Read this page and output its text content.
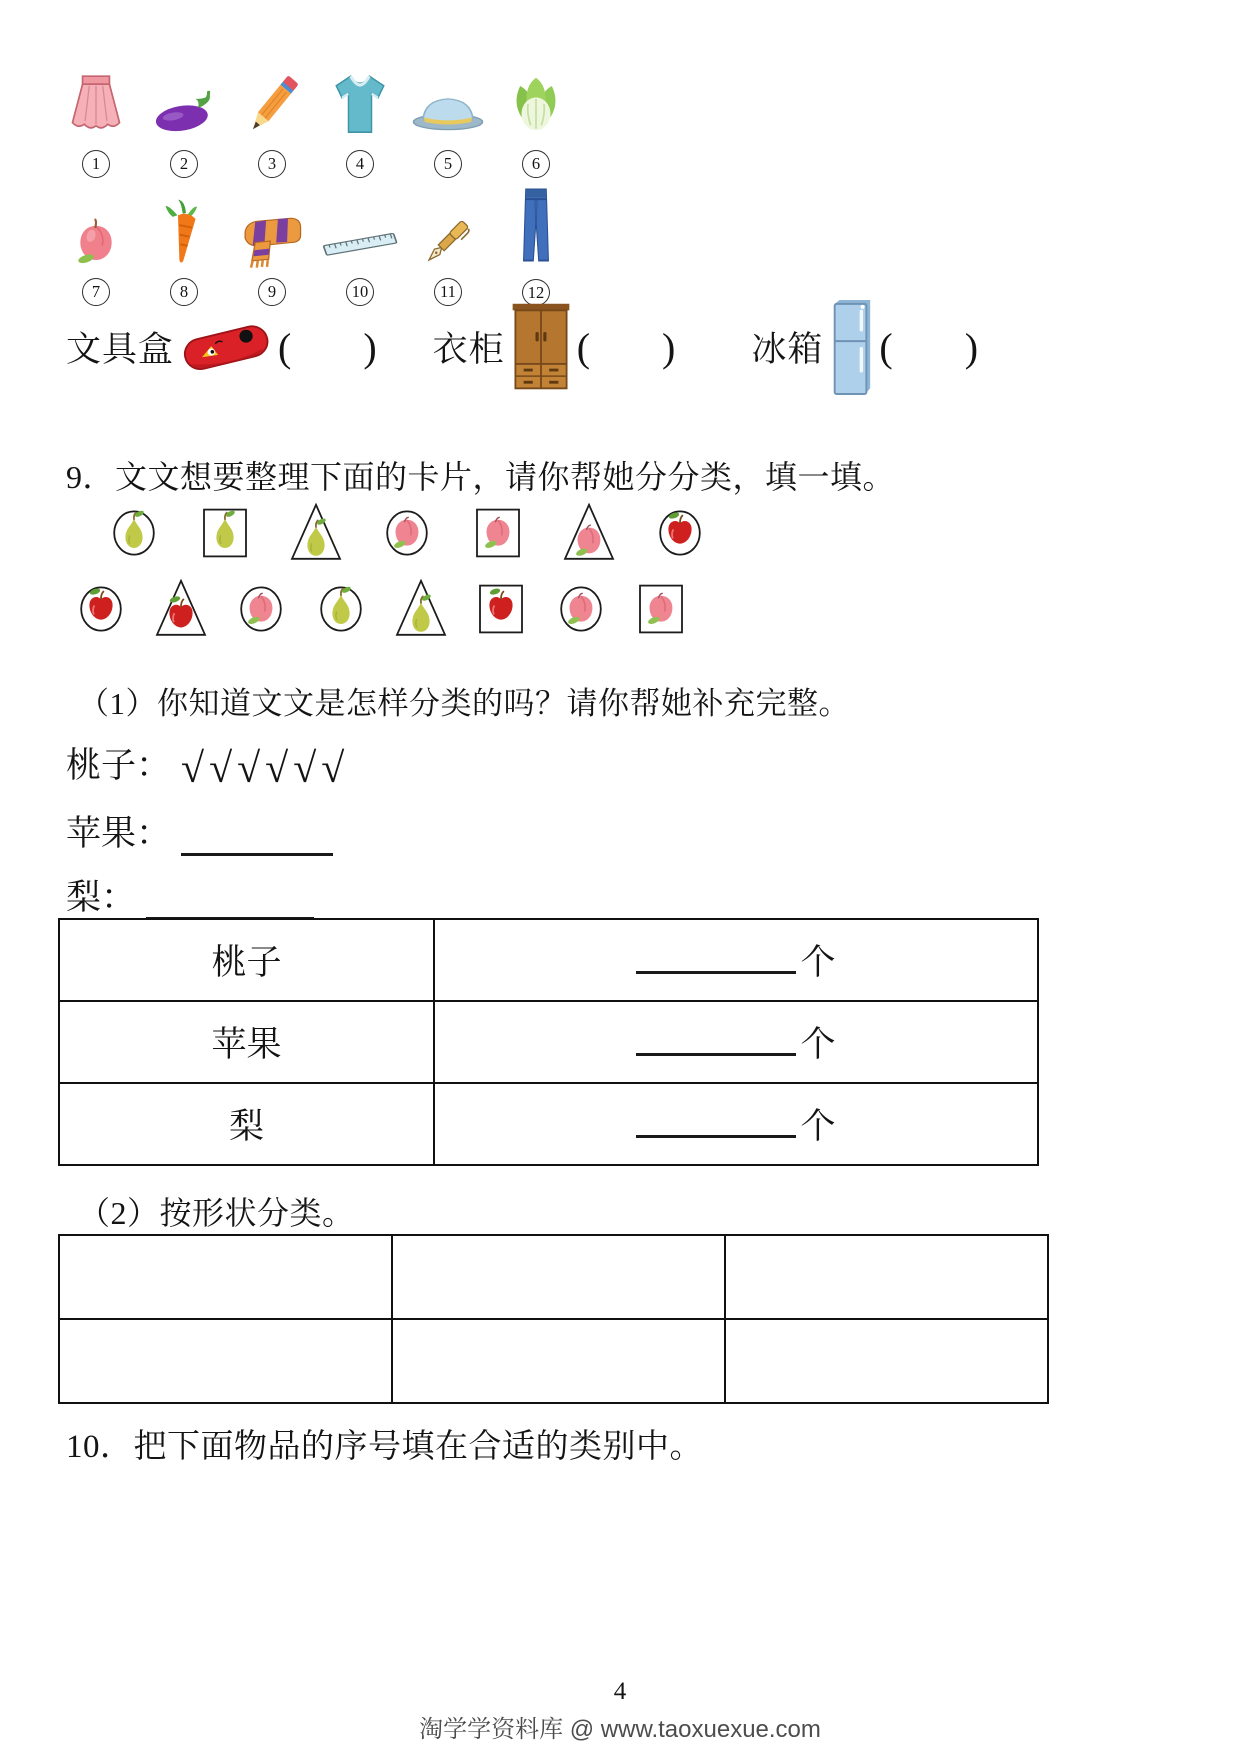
1	2	3	4	5	6
7	8	9	10	11	12
文具盒	( ) 衣柜 ( ) 冰箱 ( )
9．文文想要整理下面的卡片，请你帮她分分类，填一填。
（1）你知道文文是怎样分类的吗？请你帮她补充完整。
桃子： √√√√√√
苹果：
梨：
桃子	个
苹果	个
梨	个
（2）按形状分类。

10．把下面物品的序号填在合适的类别中。
4
淘学学资料库 @ www.taoxuexue.com
